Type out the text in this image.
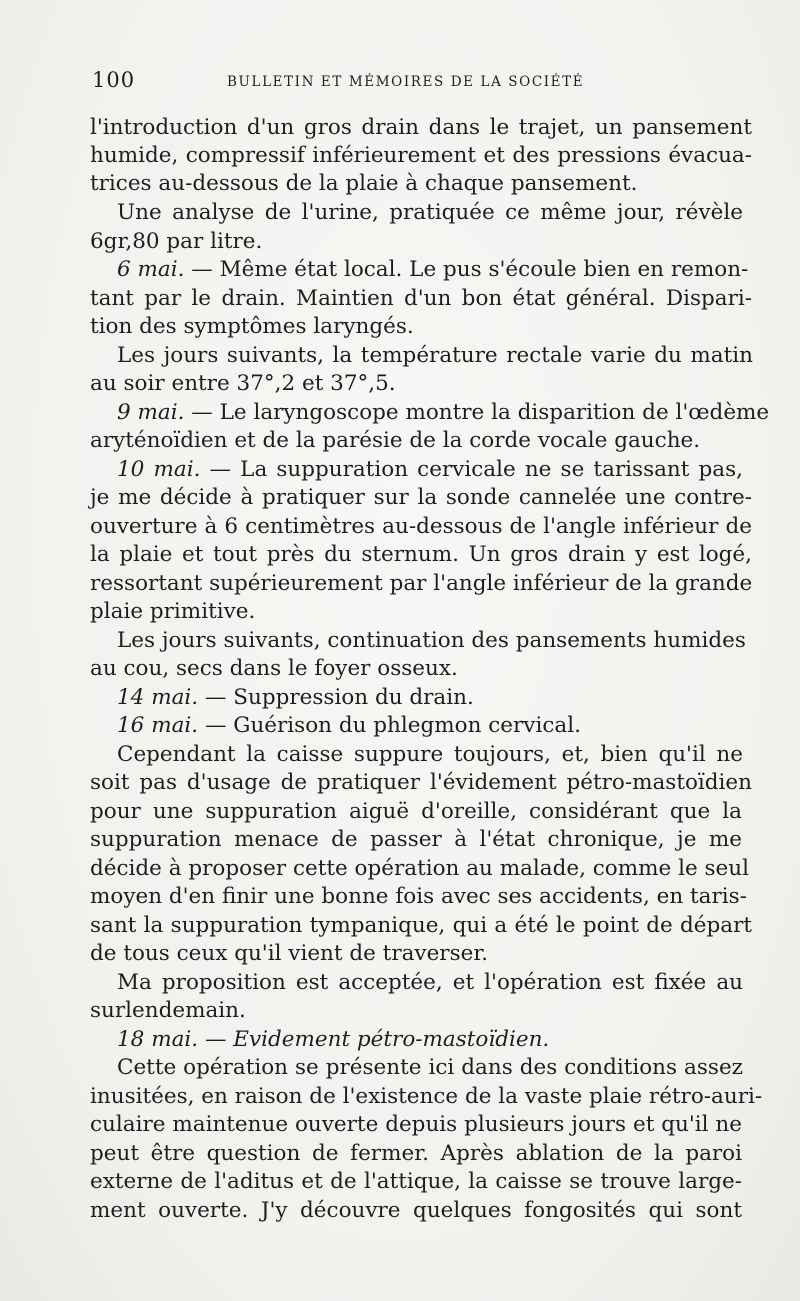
100	BULLETIN ET MÉMOIRES DE LA SOCIÉTÉ
l'introduction d'un gros drain dans le trajet, un pansement
humide, compressif inférieurement et des pressions évacua-
trices au-dessous de la plaie à chaque pansement.
Une analyse de l'urine, pratiquée ce même jour, révèle
6gr,80 par litre.
6 mai. — Même état local. Le pus s'écoule bien en remon-
tant par le drain. Maintien d'un bon état général. Dispari-
tion des symptômes laryngés.
Les jours suivants, la température rectale varie du matin
au soir entre 37°,2 et 37°,5.
9 mai. — Le laryngoscope montre la disparition de l'œdème
aryténoïdien et de la parésie de la corde vocale gauche.
10 mai. — La suppuration cervicale ne se tarissant pas,
je me décide à pratiquer sur la sonde cannelée une contre-
ouverture à 6 centimètres au-dessous de l'angle inférieur de
la plaie et tout près du sternum. Un gros drain y est logé,
ressortant supérieurement par l'angle inférieur de la grande
plaie primitive.
Les jours suivants, continuation des pansements humides
au cou, secs dans le foyer osseux.
14 mai. — Suppression du drain.
16 mai. — Guérison du phlegmon cervical.
Cependant la caisse suppure toujours, et, bien qu'il ne
soit pas d'usage de pratiquer l'évidement pétro-mastoïdien
pour une suppuration aiguë d'oreille, considérant que la
suppuration menace de passer à l'état chronique, je me
décide à proposer cette opération au malade, comme le seul
moyen d'en finir une bonne fois avec ses accidents, en taris-
sant la suppuration tympanique, qui a été le point de départ
de tous ceux qu'il vient de traverser.
Ma proposition est acceptée, et l'opération est fixée au
surlendemain.
18 mai. — Evidement pétro-mastoïdien.
Cette opération se présente ici dans des conditions assez
inusitées, en raison de l'existence de la vaste plaie rétro-auri-
culaire maintenue ouverte depuis plusieurs jours et qu'il ne
peut être question de fermer. Après ablation de la paroi
externe de l'aditus et de l'attique, la caisse se trouve large-
ment ouverte. J'y découvre quelques fongosités qui sont
